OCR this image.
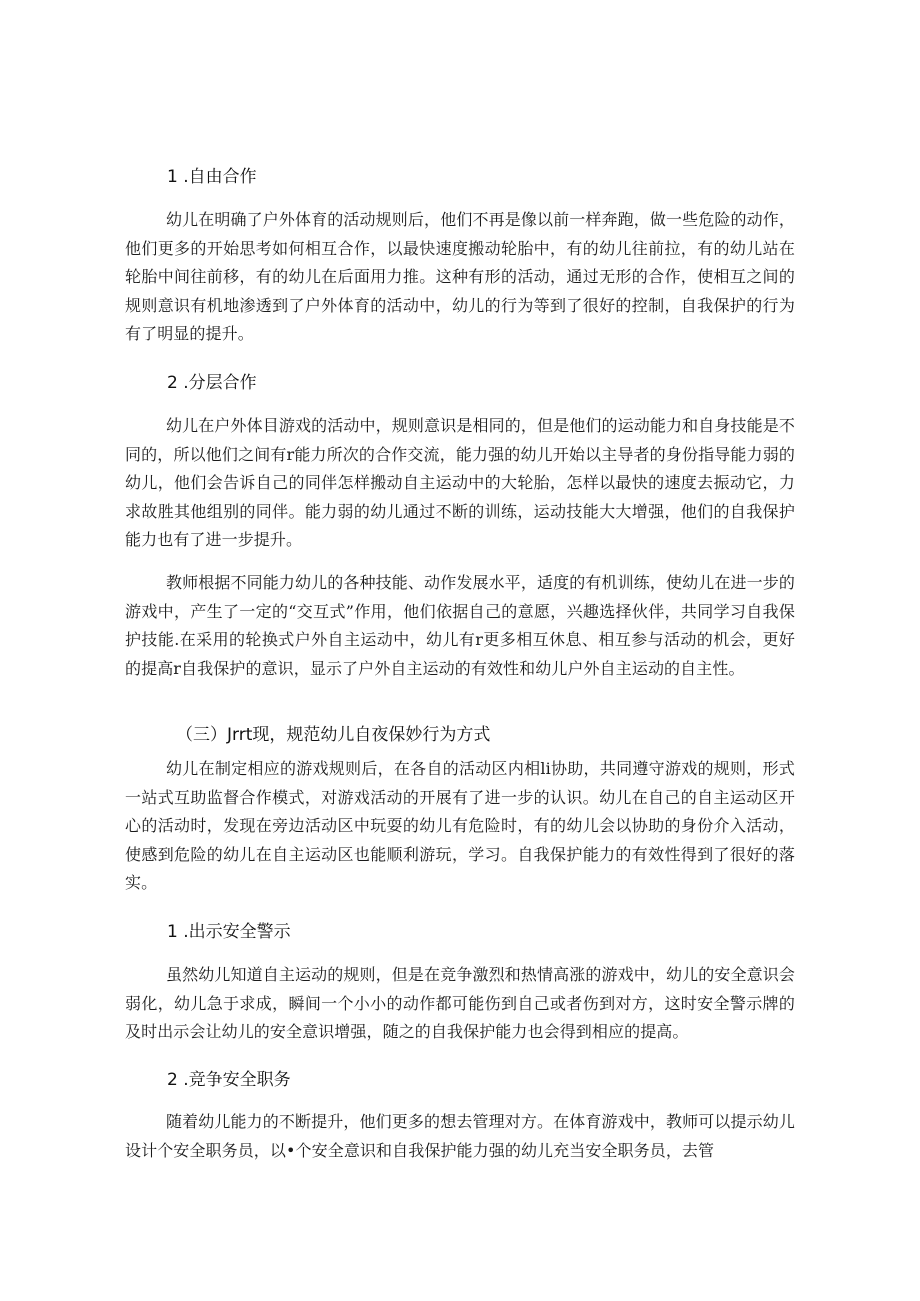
1 .自由合作

幼儿在明确了户外体育的活动规则后，他们不再是像以前一样奔跑，做一些危险的动作，他们更多的开始思考如何相互合作，以最快速度搬动轮胎中，有的幼儿往前拉，有的幼儿站在轮胎中间往前移，有的幼儿在后面用力推。这种有形的活动，通过无形的合作，使相互之间的规则意识有机地渗透到了户外体育的活动中，幼儿的行为等到了很好的控制，自我保护的行为有了明显的提升。

2 .分层合作

幼儿在户外体目游戏的活动中，规则意识是相同的，但是他们的运动能力和自身技能是不同的，所以他们之间有r能力所次的合作交流，能力强的幼儿开始以主导者的身份指导能力弱的幼儿，他们会告诉自己的同伴怎样搬动自主运动中的大轮胎，怎样以最快的速度去振动它，力求故胜其他组别的同伴。能力弱的幼儿通过不断的训练，运动技能大大增强，他们的自我保护能力也有了进一步提升。

教师根据不同能力幼儿的各种技能、动作发展水平，适度的有机训练，使幼儿在进一步的游戏中，产生了一定的“交互式”作用，他们依据自己的意愿，兴趣选择伙伴，共同学习自我保护技能.在采用的轮换式户外自主运动中，幼儿有r更多相互休息、相互参与活动的机会，更好的提高r自我保护的意识，显示了户外自主运动的有效性和幼儿户外自主运动的自主性。

（三）Jrrt现，规范幼儿自夜保妙行为方式

幼儿在制定相应的游戏规则后，在各自的活动区内相li协助，共同遵守游戏的规则，形式一站式互助监督合作模式，对游戏活动的开展有了进一步的认识。幼儿在自己的自主运动区开心的活动时，发现在旁边活动区中玩耍的幼儿有危险时，有的幼儿会以协助的身份介入活动，使感到危险的幼儿在自主运动区也能顺利游玩，学习。自我保护能力的有效性得到了很好的落实。

1 .出示安全警示

虽然幼儿知道自主运动的规则，但是在竞争激烈和热情高涨的游戏中，幼儿的安全意识会弱化，幼儿急于求成，瞬间一个小小的动作都可能伤到自己或者伤到对方，这时安全警示牌的及时出示会让幼儿的安全意识增强，随之的自我保护能力也会得到相应的提高。

2 .竞争安全职务

随着幼儿能力的不断提升，他们更多的想去管理对方。在体育游戏中，教师可以提示幼儿设计个安全职务员，以•个安全意识和自我保护能力强的幼儿充当安全职务员，去管
